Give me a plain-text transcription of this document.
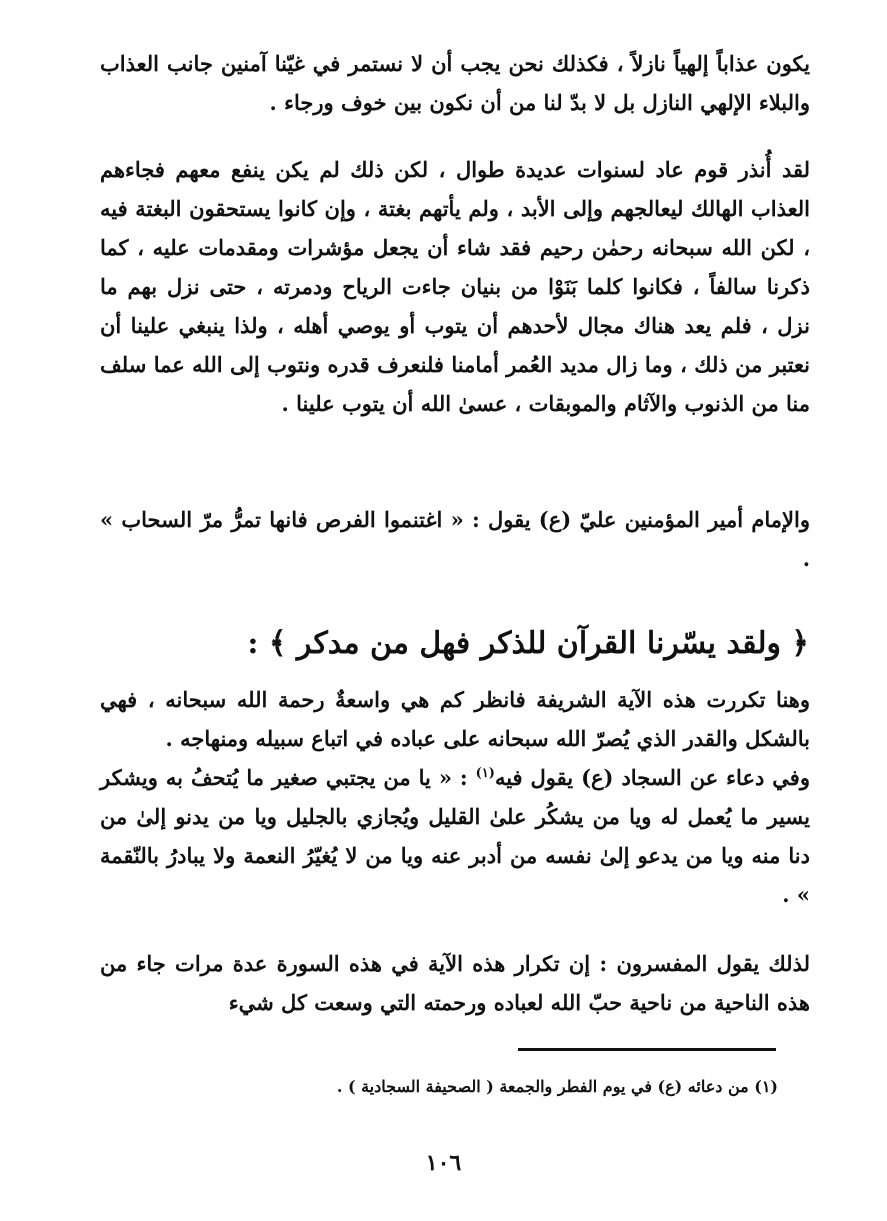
يكون عذاباً إلهياً نازلاً ، فكذلك نحن يجب أن لا نستمر في غيّنا آمنين جانب العذاب والبلاء الإلهي النازل بل لا بدّ لنا من أن نكون بين خوف ورجاء .

لقد أُنذر قوم عاد لسنوات عديدة طوال ، لكن ذلك لم يكن ينفع معهم فجاءهم العذاب الهالك ليعالجهم وإلى الأبد ، ولم يأتهم بغتة ، وإن كانوا يستحقون البغتة فيه ، لكن الله سبحانه رحمٰن رحيم فقد شاء أن يجعل مؤشرات ومقدمات عليه ، كما ذكرنا سالفاً ، فكانوا كلما بَنَوْا من بنيان جاءت الرياح ودمرته ، حتى نزل بهم ما نزل ، فلم يعد هناك مجال لأحدهم أن يتوب أو يوصي أهله ، ولذا ينبغي علينا أن نعتبر من ذلك ، وما زال مديد العُمر أمامنا فلنعرف قدره ونتوب إلى الله عما سلف منا من الذنوب والآثام والموبقات ، عسىٰ الله أن يتوب علينا .

والإمام أمير المؤمنين عليّ (ع) يقول : « اغتنموا الفرص فانها تمرُّ مرّ السحاب » .

﴿ ولقد يسّرنا القرآن للذكر فهل من مدكر ﴾ :

وهنا تكررت هذه الآية الشريفة فانظر كم هي واسعةٌ رحمة الله سبحانه ، فهي بالشكل والقدر الذي يُصرّ الله سبحانه على عباده في اتباع سبيله ومنهاجه .

وفي دعاء عن السجاد (ع) يقول فيه$^{(١)}$ : « يا من يجتبي صغير ما يُتحفُ به ويشكر يسير ما يُعمل له ويا من يشكُر علىٰ القليل ويُجازي بالجليل ويا من يدنو إلىٰ من دنا منه ويا من يدعو إلىٰ نفسه من أدبر عنه ويا من لا يُغيّرُ النعمة ولا يبادرُ بالنّقمة » .

لذلك يقول المفسرون : إن تكرار هذه الآية في هذه السورة عدة مرات جاء من هذه الناحية من ناحية حبّ الله لعباده ورحمته التي وسعت كل شيء

(١) من دعائه (ع) في يوم الفطر والجمعة ( الصحيفة السجادية ) .
١٠٦
